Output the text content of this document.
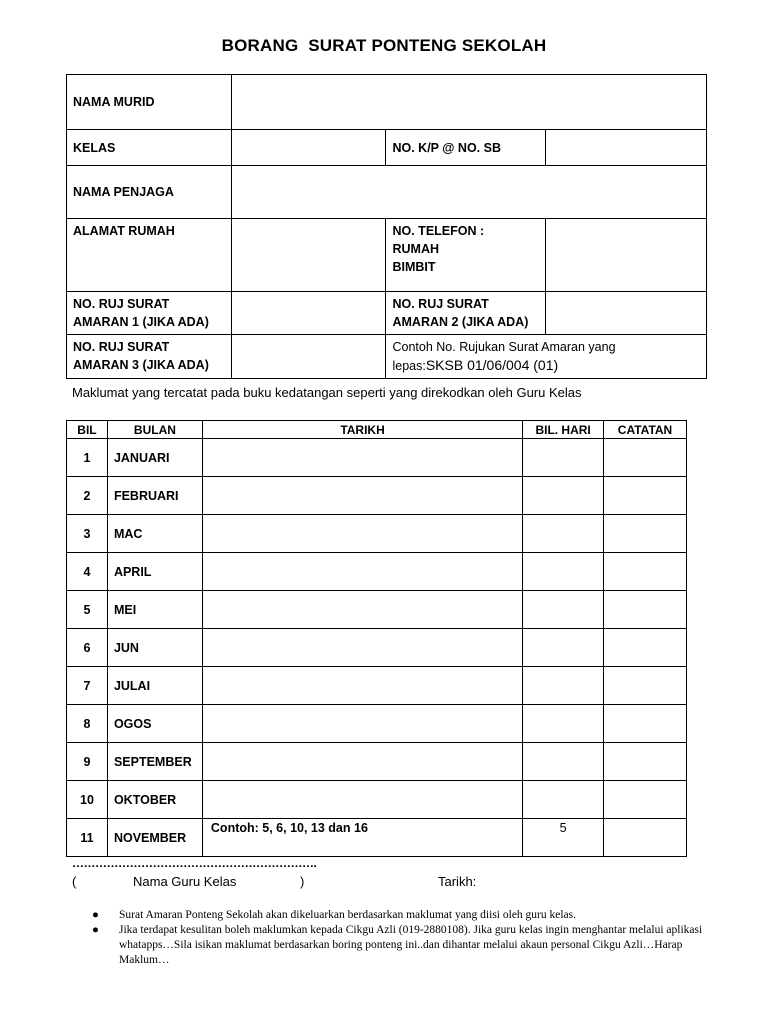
BORANG  SURAT PONTENG SEKOLAH
NAMA MURID			
KELAS		NO. K/P @ NO. SB	
NAMA PENJAGA			
ALAMAT RUMAH		NO. TELEFON :
RUMAH
BIMBIT	

NO. RUJ SURAT
AMARAN 1 (JIKA ADA)		NO. RUJ SURAT
AMARAN 2 (JIKA ADA)	

NO. RUJ SURAT
AMARAN 3 (JIKA ADA)		Contoh No. Rujukan Surat Amaran yang
lepas:SKSB 01/06/004 (01)	
Maklumat yang tercatat pada buku kedatangan seperti yang direkodkan oleh Guru Kelas
BIL	BULAN	TARIKH	BIL. HARI	CATATAN
1	JANUARI			
2	FEBRUARI			
3	MAC			
4	APRIL			
5	MEI			
6	JUN			
7	JULAI			
8	OGOS			
9	SEPTEMBER			
10	OKTOBER			
11	NOVEMBER	Contoh: 5, 6, 10, 13 dan 16	5	
……………………………………………………….
(	Nama Guru Kelas	)	Tarikh:
● Surat Amaran Ponteng Sekolah akan dikeluarkan berdasarkan maklumat yang diisi oleh guru kelas.
● Jika terdapat kesulitan boleh maklumkan kepada Cikgu Azli (019-2880108). Jika guru kelas ingin menghantar melalui aplikasi whatapps…Sila isikan maklumat berdasarkan boring ponteng ini..dan dihantar melalui akaun personal Cikgu Azli…Harap Maklum…
